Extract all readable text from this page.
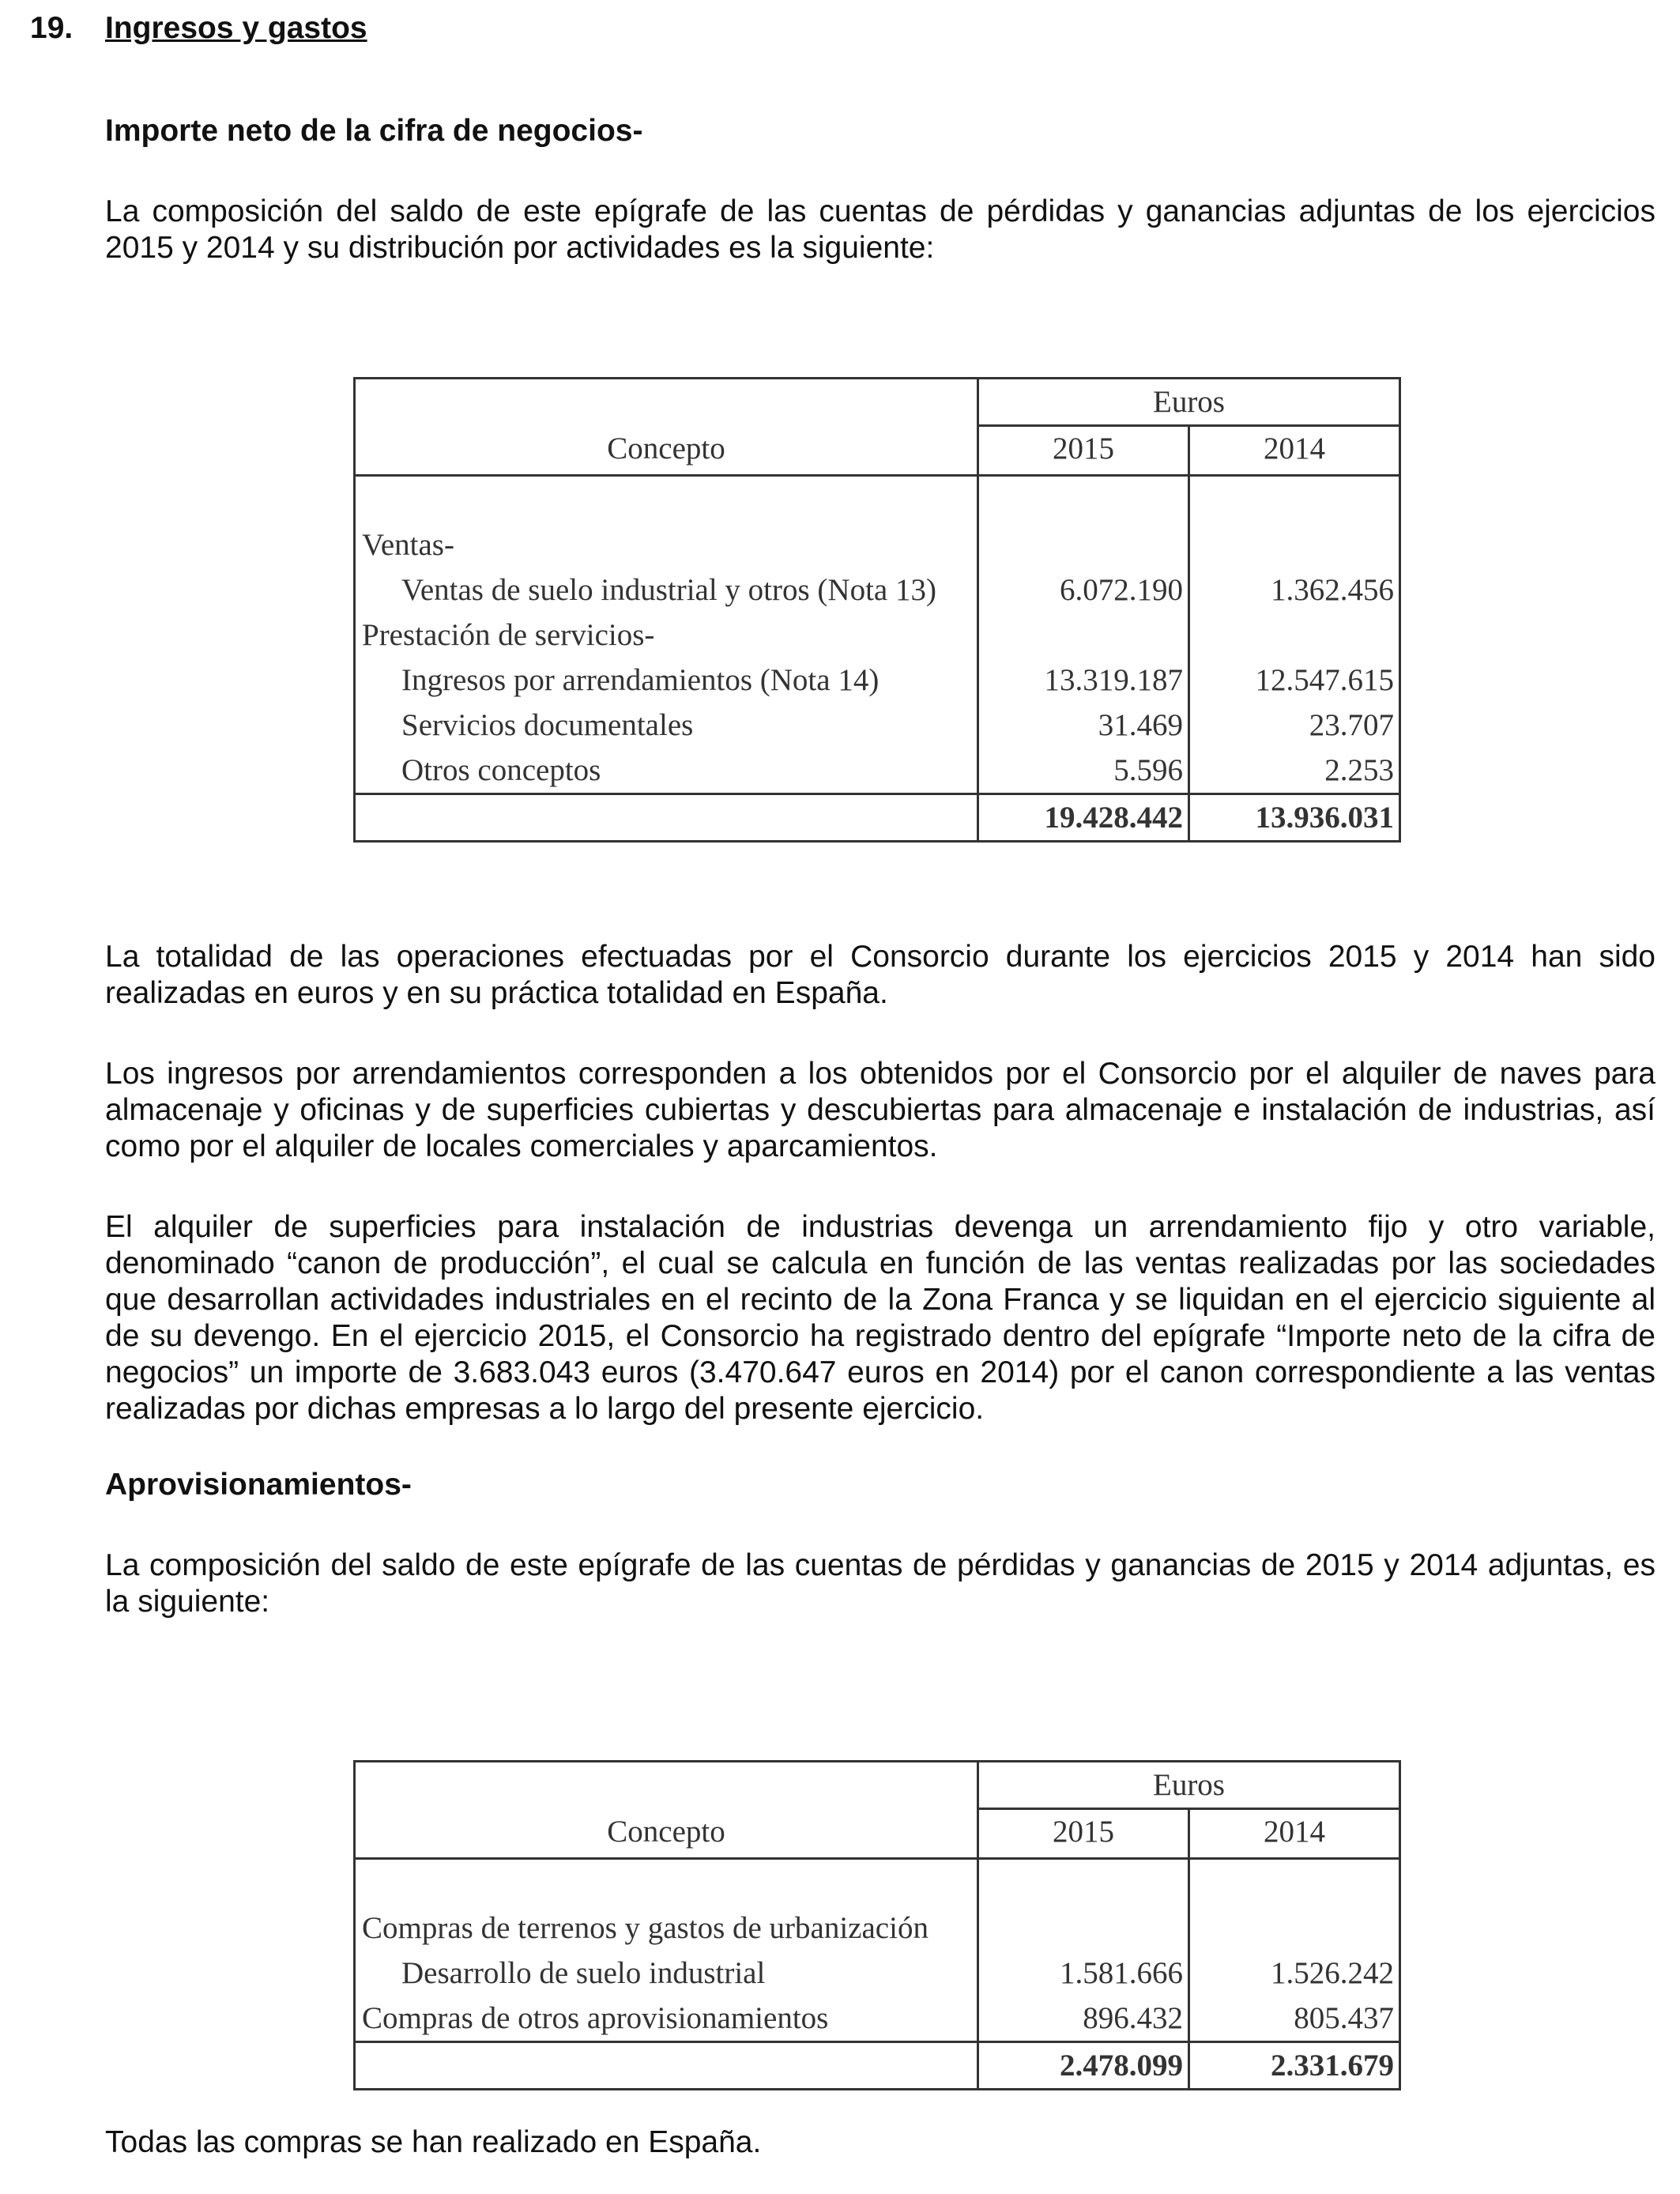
19. Ingresos y gastos
Importe neto de la cifra de negocios-

La composición del saldo de este epígrafe de las cuentas de pérdidas y ganancias adjuntas de los ejercicios 2015 y 2014 y su distribución por actividades es la siguiente:

Concepto
Euros
2015	2014
Ventas-
Ventas de suelo industrial y otros (Nota 13)	6.072.190	1.362.456
Prestación de servicios-
Ingresos por arrendamientos (Nota 14)	13.319.187	12.547.615
Servicios documentales	31.469	23.707
Otros conceptos	5.596	2.253
19.428.442	13.936.031

La totalidad de las operaciones efectuadas por el Consorcio durante los ejercicios 2015 y 2014 han sido realizadas en euros y en su práctica totalidad en España.

Los ingresos por arrendamientos corresponden a los obtenidos por el Consorcio por el alquiler de naves para almacenaje y oficinas y de superficies cubiertas y descubiertas para almacenaje e instalación de industrias, así como por el alquiler de locales comerciales y aparcamientos.

El alquiler de superficies para instalación de industrias devenga un arrendamiento fijo y otro variable, denominado “canon de producción”, el cual se calcula en función de las ventas realizadas por las sociedades que desarrollan actividades industriales en el recinto de la Zona Franca y se liquidan en el ejercicio siguiente al de su devengo. En el ejercicio 2015, el Consorcio ha registrado dentro del epígrafe “Importe neto de la cifra de negocios” un importe de 3.683.043 euros (3.470.647 euros en 2014) por el canon correspondiente a las ventas realizadas por dichas empresas a lo largo del presente ejercicio.

Aprovisionamientos-

La composición del saldo de este epígrafe de las cuentas de pérdidas y ganancias de 2015 y 2014 adjuntas, es la siguiente:

Concepto
Euros
2015	2014
Compras de terrenos y gastos de urbanización
Desarrollo de suelo industrial	1.581.666	1.526.242
Compras de otros aprovisionamientos	896.432	805.437
2.478.099	2.331.679

Todas las compras se han realizado en España.
